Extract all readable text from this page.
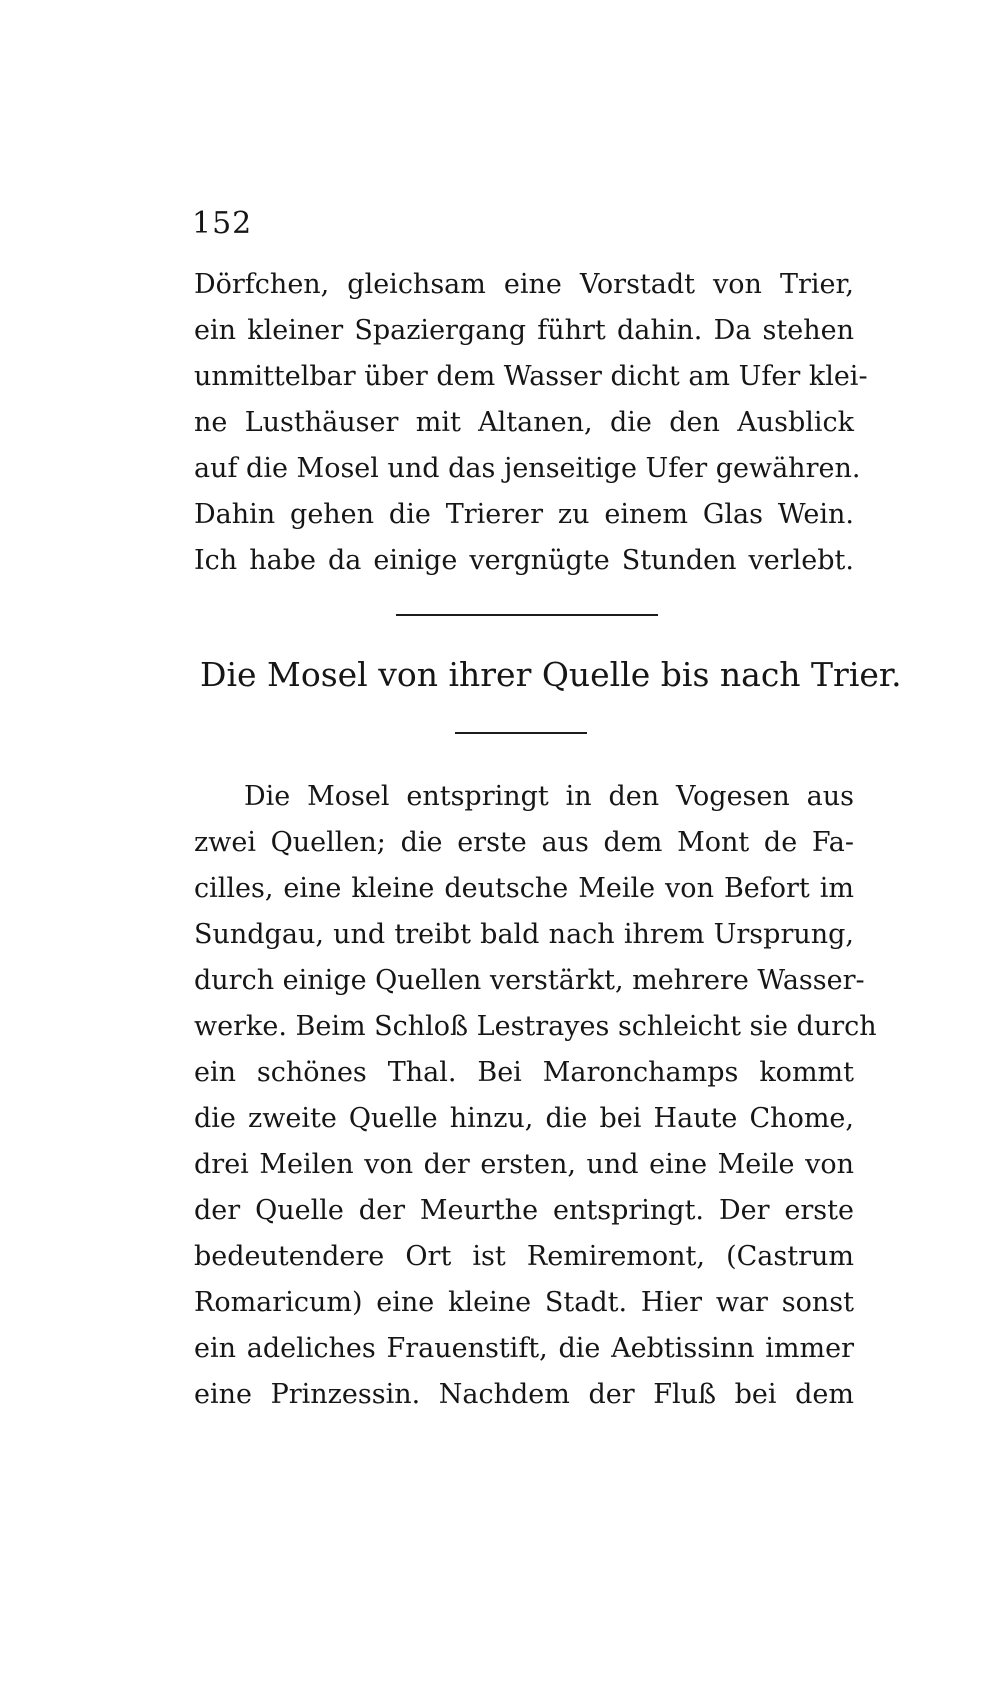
152
Dörfchen, gleichsam eine Vorstadt von Trier,
ein kleiner Spaziergang führt dahin. Da stehen
unmittelbar über dem Wasser dicht am Ufer klei-
ne Lusthäuser mit Altanen, die den Ausblick
auf die Mosel und das jenseitige Ufer gewähren.
Dahin gehen die Trierer zu einem Glas Wein.
Ich habe da einige vergnügte Stunden verlebt.
Die Mosel von ihrer Quelle bis nach Trier.
Die Mosel entspringt in den Vogesen aus
zwei Quellen; die erste aus dem Mont de Fa-
cilles, eine kleine deutsche Meile von Befort im
Sundgau, und treibt bald nach ihrem Ursprung,
durch einige Quellen verstärkt, mehrere Wasser-
werke. Beim Schloß Lestrayes schleicht sie durch
ein schönes Thal. Bei Maronchamps kommt
die zweite Quelle hinzu, die bei Haute Chome,
drei Meilen von der ersten, und eine Meile von
der Quelle der Meurthe entspringt. Der erste
bedeutendere Ort ist Remiremont, (Castrum
Romaricum) eine kleine Stadt. Hier war sonst
ein adeliches Frauenstift, die Aebtissinn immer
eine Prinzessin. Nachdem der Fluß bei dem
